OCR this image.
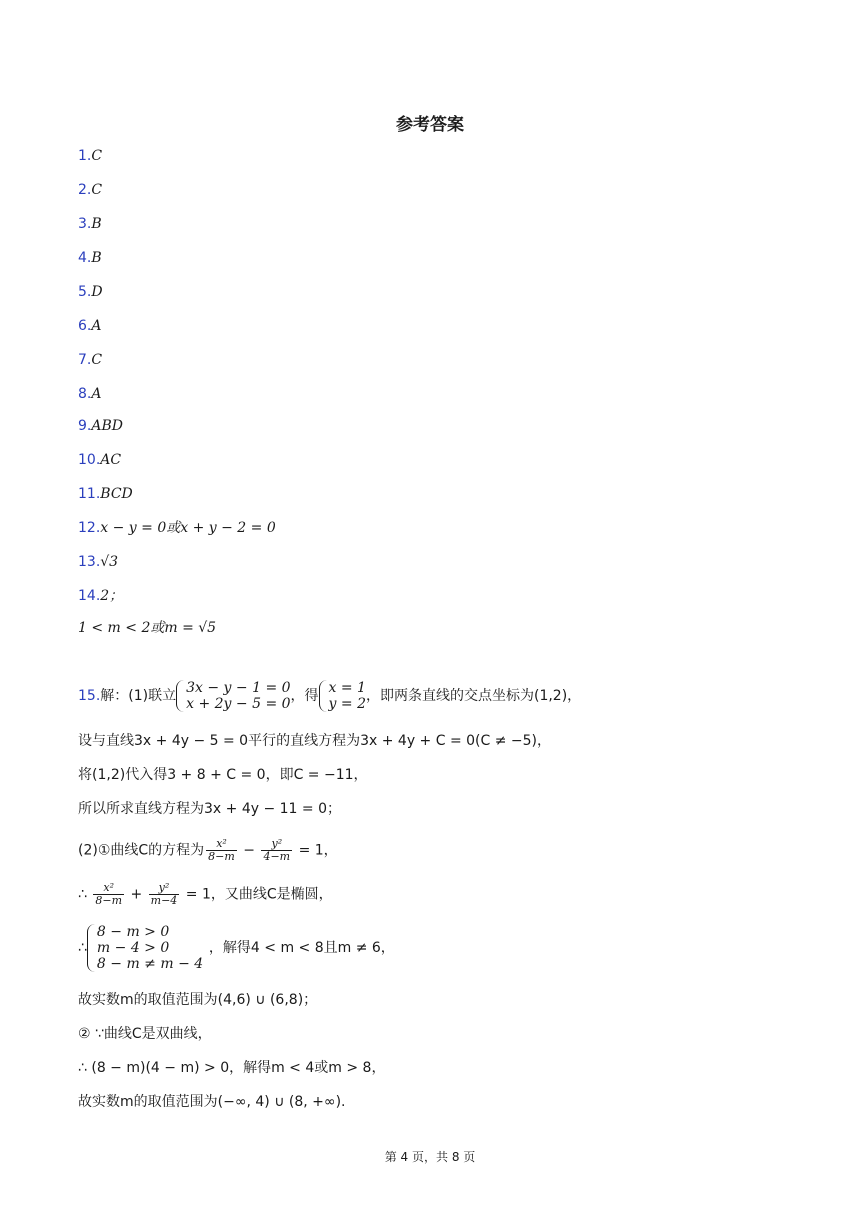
参考答案
1.C
2.C
3.B
4.B
5.D
6.A
7.C
8.A
9.ABD
10.AC
11.BCD
12.x − y = 0或x + y − 2 = 0
13.√3
14.2；
1 < m < 2或m = √5
15.解：(1)联立 3x − y − 1 = 0
x + 2y − 5 = 0 ，得 x = 1
y = 2 ，即两条直线的交点坐标为(1,2)，
设与直线3x + 4y − 5 = 0平行的直线方程为3x + 4y + C = 0(C ≠ −5)，
将(1,2)代入得3 + 8 + C = 0，即C = −11，
所以所求直线方程为3x + 4y − 11 = 0；
(2)①曲线C的方程为 $\frac{\text{x²}}{8-m} - \frac{\text{y²}}{4-m} = 1$，
∴ $\frac{\text{x²}}{8-m} + \frac{\text{y²}}{m-4} = 1$，又曲线C是椭圆，
∴
8 − m > 0
m − 4 > 0
8 − m ≠ m − 4
，解得4 < m < 8且m ≠ 6，
故实数m的取值范围为(4,6) ∪ (6,8)；
② ∵曲线C是双曲线，
∴ (8 − m)(4 − m) > 0，解得m < 4或m > 8，
故实数m的取值范围为(−∞, 4) ∪ (8, +∞).
第 4 页，共 8 页
